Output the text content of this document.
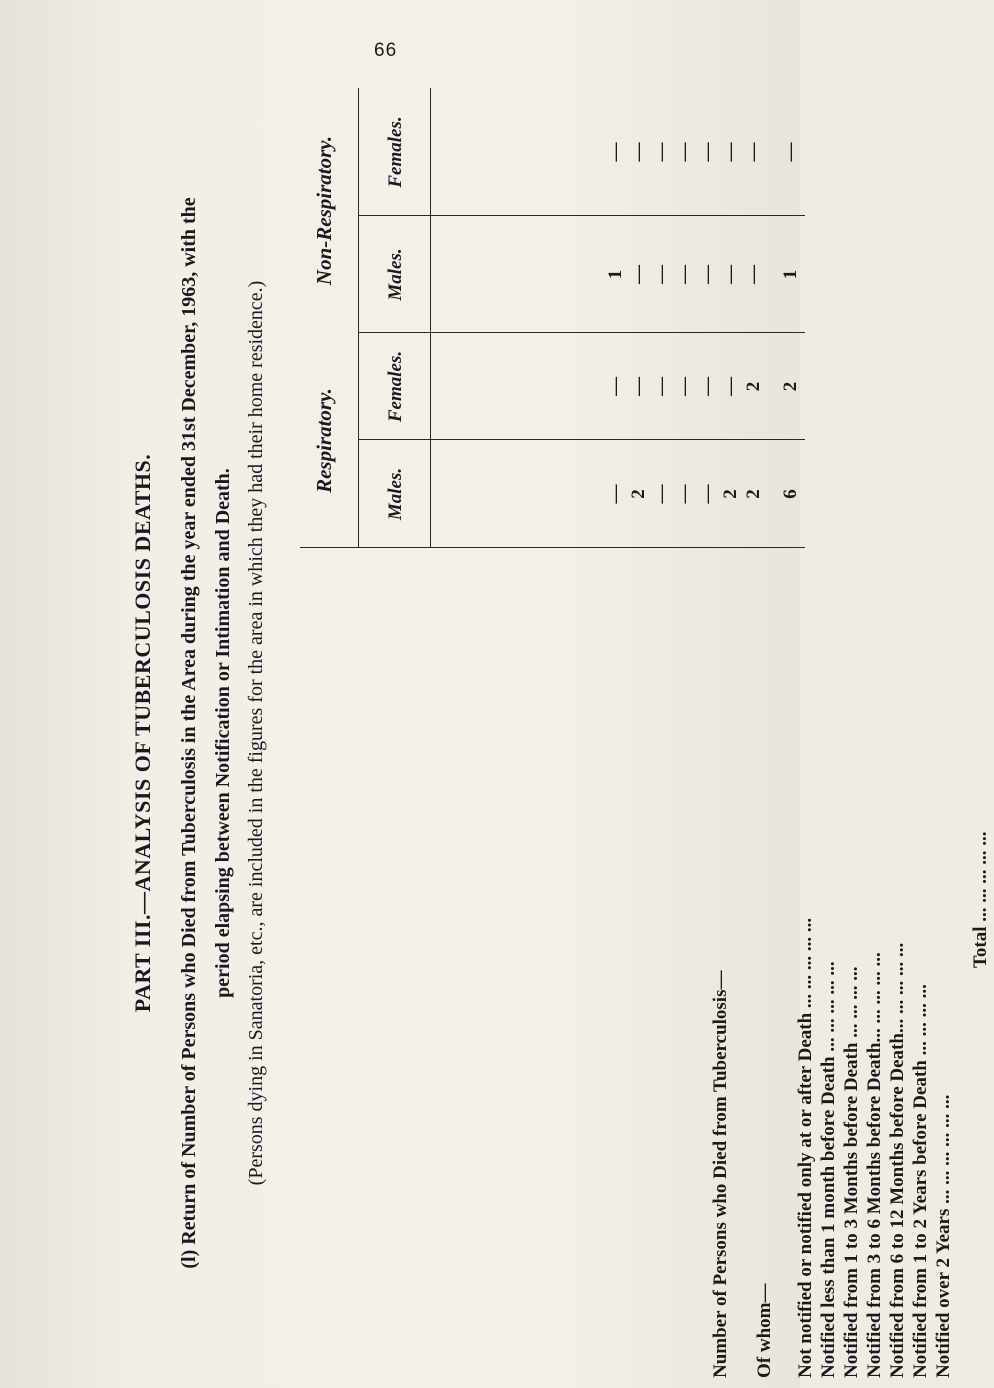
66
PART III.—ANALYSIS OF TUBERCULOSIS DEATHS.	(l) Return of Number of Persons who Died from Tuberculosis in the Area during the year ended 31st December, 1963, with the period elapsing between Notification or Intimation and Death. (Persons dying in Sanatoria, etc., are included in the figures for the area in which they had their home residence.) Respiratory.
Non-Respiratory.
Males.
Females.
Males.
Females.
Number of Persons who Died from Tuberculosis— Of whom— Not notified or notified only at or after Death ... ... ... ... ...
Notified less than 1 month before Death ... ... ... ... ...
Notified from 1 to 3 Months before Death ... ... ... ...
Notified from 3 to 6 Months before Death... ... ... ... ...
Notified from 6 to 12 Months before Death... ... ... ... ...
Notified from 1 to 2 Years before Death ... ... ... ...
Notified over 2 Years ... ... ... ... ... ...
Total ... ... ... ... ...
—
—
1
—
2
—
—
—
—
—
—
—
—
—
—
—
—
—
—
—
2
—
—
—
2
2
—
—
6
2
1
—
